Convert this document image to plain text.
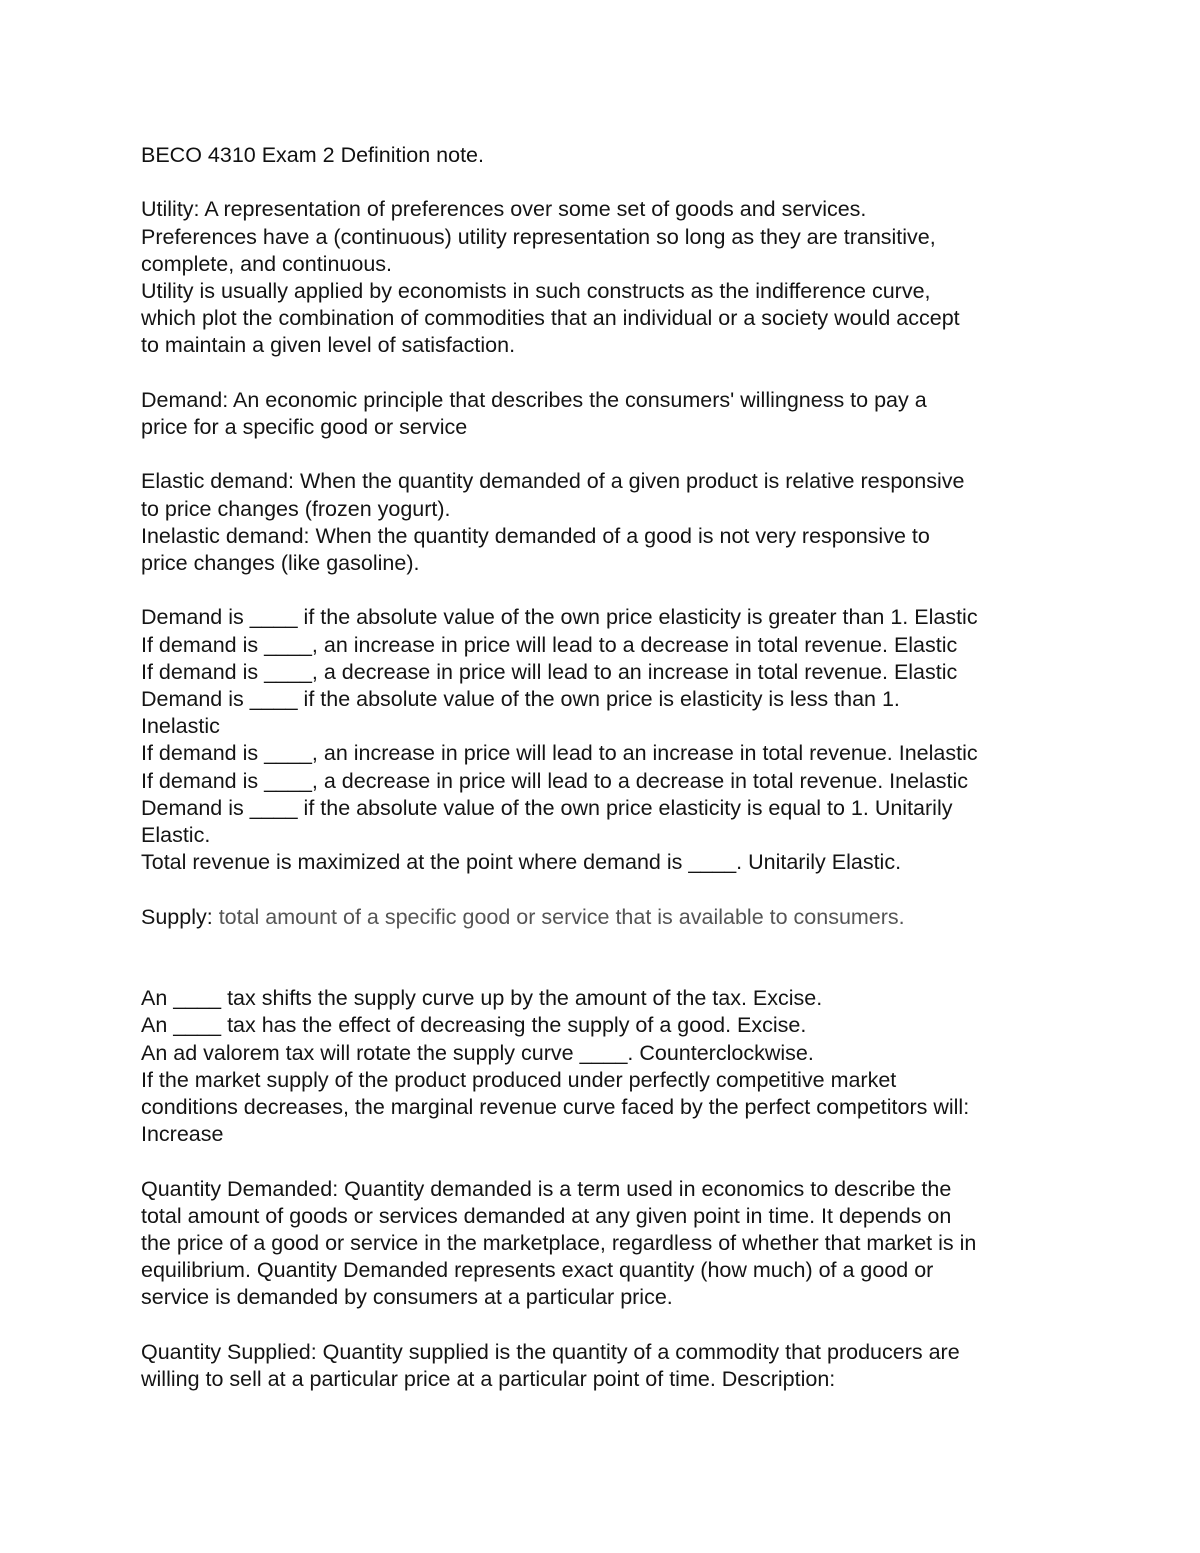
BECO 4310 Exam 2 Definition note.
Utility: A representation of preferences over some set of goods and services.
Preferences have a (continuous) utility representation so long as they are transitive,
complete, and continuous.
Utility is usually applied by economists in such constructs as the indifference curve,
which plot the combination of commodities that an individual or a society would accept
to maintain a given level of satisfaction.
Demand: An economic principle that describes the consumers' willingness to pay a
price for a specific good or service
Elastic demand: When the quantity demanded of a given product is relative responsive
to price changes (frozen yogurt).
Inelastic demand: When the quantity demanded of a good is not very responsive to
price changes (like gasoline).
Demand is ____ if the absolute value of the own price elasticity is greater than 1. Elastic
If demand is ____, an increase in price will lead to a decrease in total revenue. Elastic
If demand is ____, a decrease in price will lead to an increase in total revenue. Elastic
Demand is ____ if the absolute value of the own price is elasticity is less than 1.
Inelastic
If demand is ____, an increase in price will lead to an increase in total revenue. Inelastic
If demand is ____, a decrease in price will lead to a decrease in total revenue. Inelastic
Demand is ____ if the absolute value of the own price elasticity is equal to 1. Unitarily
Elastic.
Total revenue is maximized at the point where demand is ____. Unitarily Elastic.
Supply: total amount of a specific good or service that is available to consumers.
An ____ tax shifts the supply curve up by the amount of the tax. Excise.
An ____ tax has the effect of decreasing the supply of a good. Excise.
An ad valorem tax will rotate the supply curve ____. Counterclockwise.
If the market supply of the product produced under perfectly competitive market
conditions decreases, the marginal revenue curve faced by the perfect competitors will:
Increase
Quantity Demanded: Quantity demanded is a term used in economics to describe the
total amount of goods or services demanded at any given point in time. It depends on
the price of a good or service in the marketplace, regardless of whether that market is in
equilibrium. Quantity Demanded represents exact quantity (how much) of a good or
service is demanded by consumers at a particular price.
Quantity Supplied: Quantity supplied is the quantity of a commodity that producers are
willing to sell at a particular price at a particular point of time. Description:
